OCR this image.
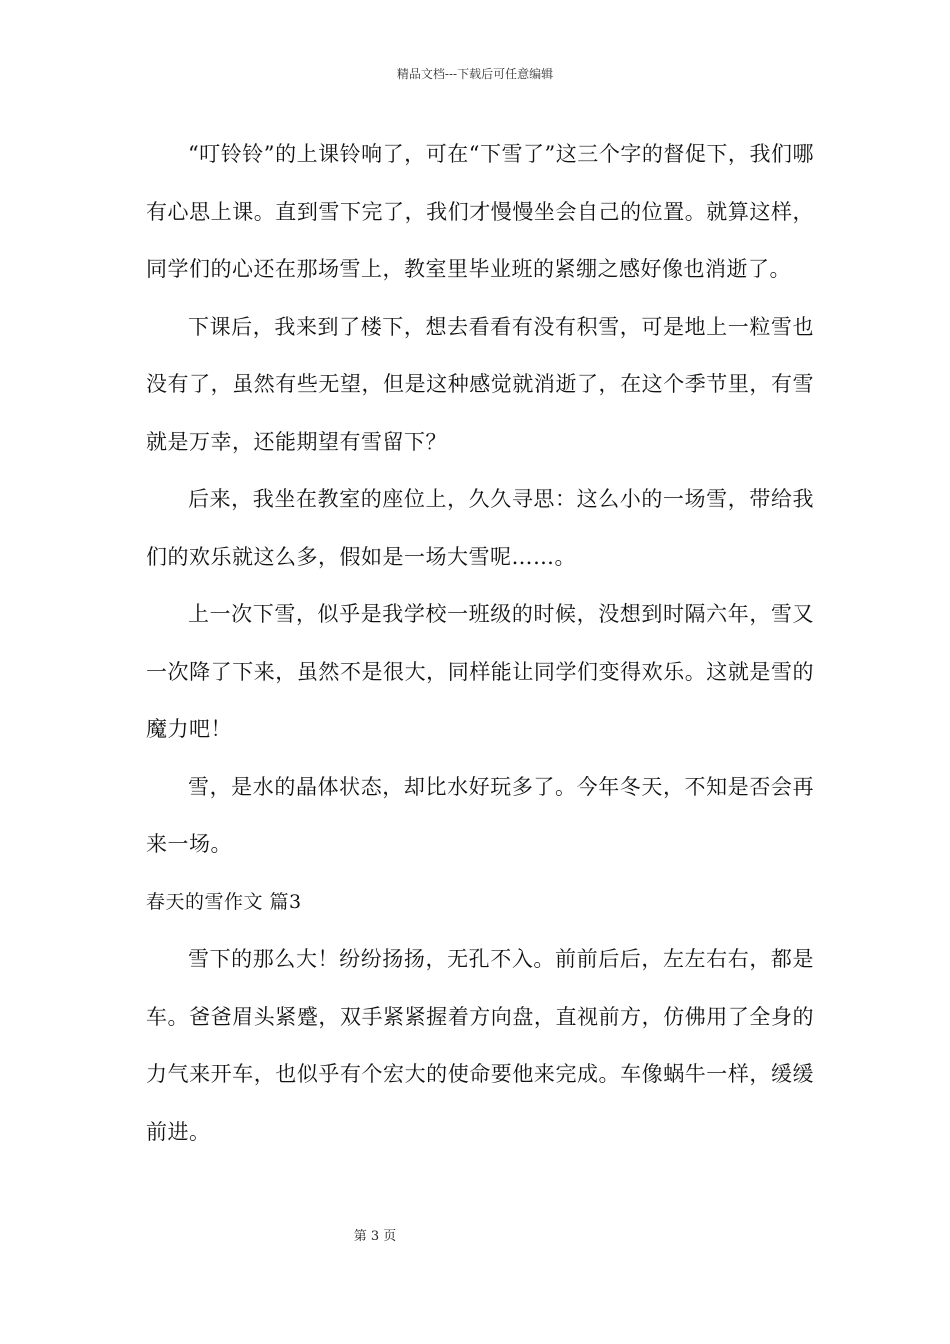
精品文档---下载后可任意编辑

“叮铃铃”的上课铃响了，可在“下雪了”这三个字的督促下，我们哪有心思上课。直到雪下完了，我们才慢慢坐会自己的位置。就算这样，同学们的心还在那场雪上，教室里毕业班的紧绷之感好像也消逝了。

下课后，我来到了楼下，想去看看有没有积雪，可是地上一粒雪也没有了，虽然有些无望，但是这种感觉就消逝了，在这个季节里，有雪就是万幸，还能期望有雪留下？

后来，我坐在教室的座位上，久久寻思：这么小的一场雪，带给我们的欢乐就这么多，假如是一场大雪呢……。

上一次下雪，似乎是我学校一班级的时候，没想到时隔六年，雪又一次降了下来，虽然不是很大，同样能让同学们变得欢乐。这就是雪的魔力吧！

雪，是水的晶体状态，却比水好玩多了。今年冬天，不知是否会再来一场。

春天的雪作文 篇3

雪下的那么大！纷纷扬扬，无孔不入。前前后后，左左右右，都是车。爸爸眉头紧蹙，双手紧紧握着方向盘，直视前方，仿佛用了全身的力气来开车，也似乎有个宏大的使命要他来完成。车像蜗牛一样，缓缓前进。

第 3 页
